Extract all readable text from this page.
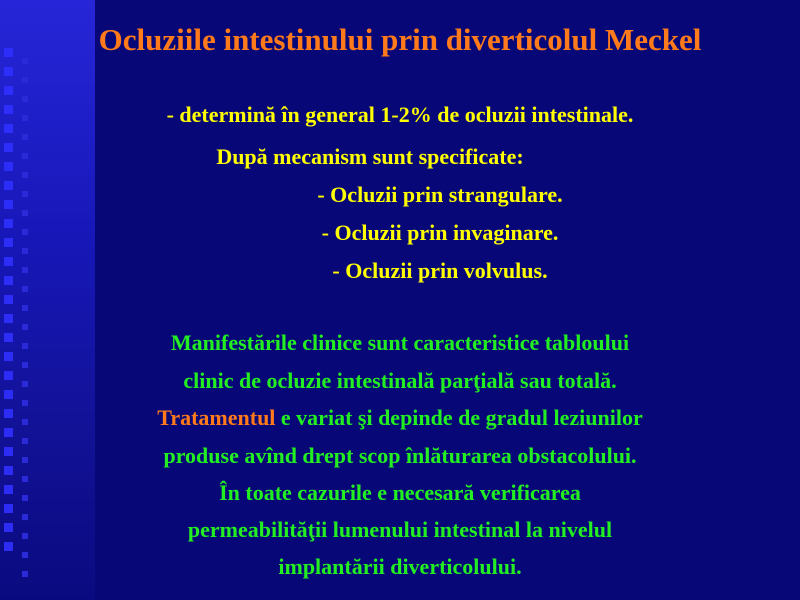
Ocluziile intestinului prin diverticolul Meckel

- determină în general 1-2% de ocluzii intestinale.

După mecanism sunt specificate:

- Ocluzii prin strangulare.

- Ocluzii prin invaginare.

- Ocluzii prin volvulus.

Manifestările clinice sunt caracteristice tabloului

clinic de ocluzie intestinală parţială sau totală.

Tratamentul e variat şi depinde de gradul leziunilor

produse avînd drept scop înlăturarea obstacolului.

În toate cazurile e necesară verificarea

permeabilităţii lumenului intestinal la nivelul

implantării diverticolului.
